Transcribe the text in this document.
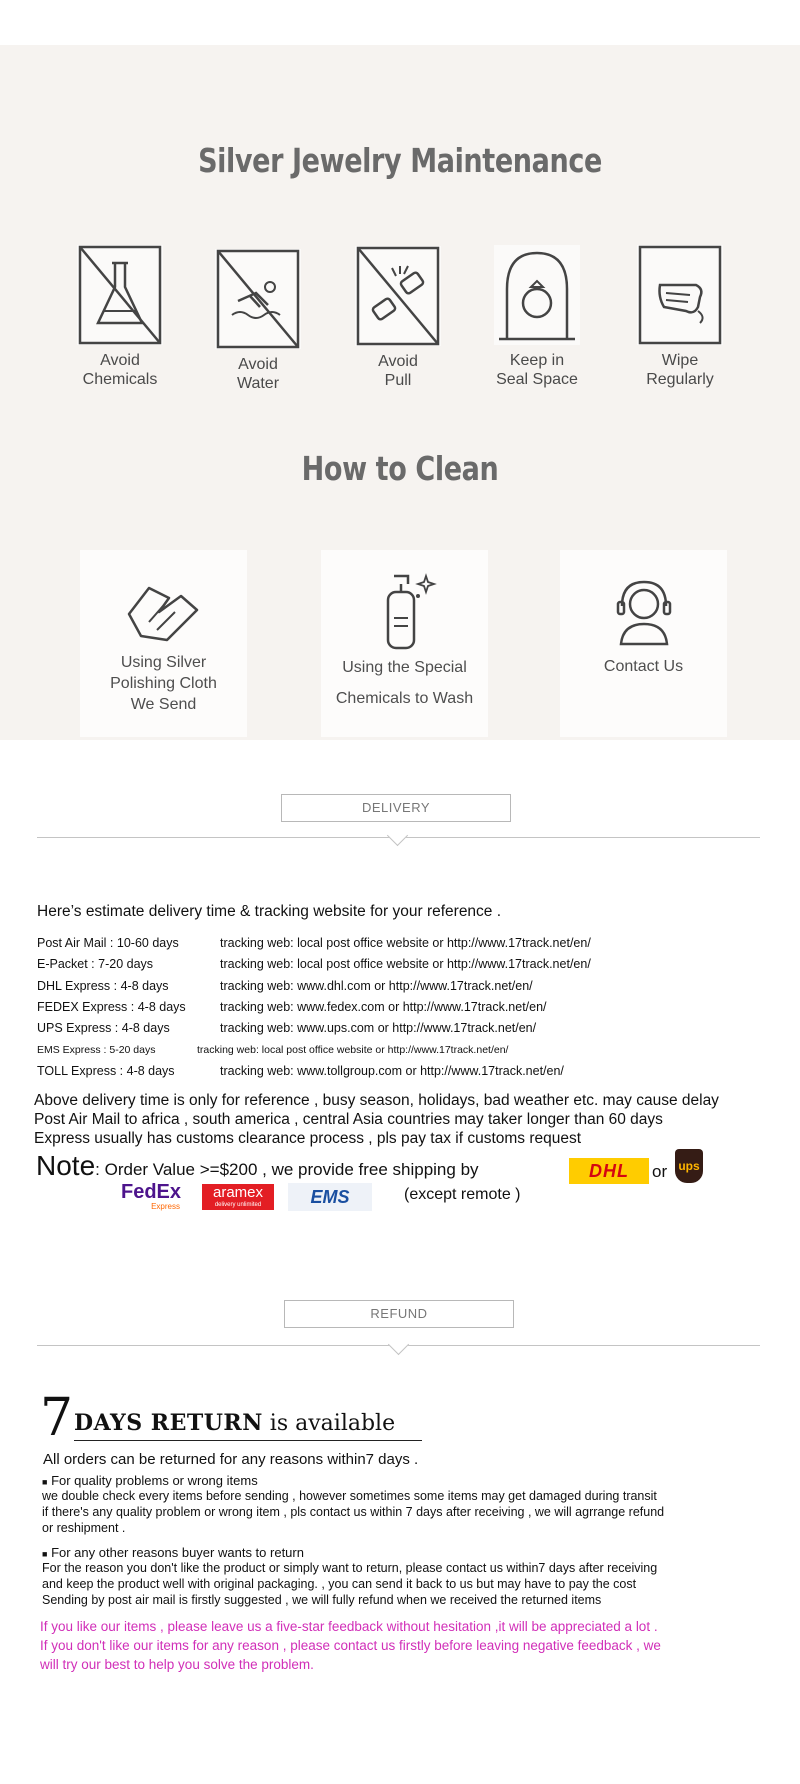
Silver Jewelry Maintenance
Avoid
Chemicals
Avoid
Water
Avoid
Pull
Keep in
Seal Space
Wipe
Regularly
How to Clean
Using Silver
Polishing Cloth
We Send
Using the Special
Chemicals to Wash
Contact Us
DELIVERY
Here’s estimate delivery time & tracking website for your reference .
Post Air Mail : 10-60 days	tracking web: local post office website or http://www.17track.net/en/
E-Packet : 7-20 days	tracking web: local post office website or http://www.17track.net/en/
DHL Express : 4-8 days	tracking web: www.dhl.com or http://www.17track.net/en/
FEDEX Express : 4-8 days	tracking web: www.fedex.com or http://www.17track.net/en/
UPS Express : 4-8 days	tracking web: www.ups.com or http://www.17track.net/en/
EMS Express : 5-20 days	tracking web: local post office website or http://www.17track.net/en/
TOLL Express : 4-8 days	tracking web: www.tollgroup.com or http://www.17track.net/en/
Above delivery time is only for reference , busy season, holidays, bad weather etc. may cause delay
Post Air Mail to africa , south america , central Asia countries may taker longer than 60 days
Express usually has customs clearance process , pls pay tax if customs request
Note: Order Value >=$200 , we provide free shipping by	DHL or ups
FedEx
Express
aramex
delivery unlimited	EMS	(except remote )
REFUND
7 DAYS RETURN is available
All orders can be returned for any reasons within7 days .
■ For quality problems or wrong items
we double check every items before sending , however sometimes some items may get damaged during transit
if there's any quality problem or wrong item , pls contact us within 7 days after receiving , we will agrrange refund
or reshipment .
■ For any other reasons buyer wants to return
For the reason you don't like the product or simply want to return, please contact us within7 days after receiving
and keep the product well with original packaging. , you can send it back to us but may have to pay the cost
Sending by post air mail is firstly suggested , we will fully refund when we received the returned items
If you like our items , please leave us a five-star feedback without hesitation ,it will be appreciated a lot .
If you don't like our items for any reason , please contact us firstly before leaving negative feedback , we
will try our best to help you solve the problem.
